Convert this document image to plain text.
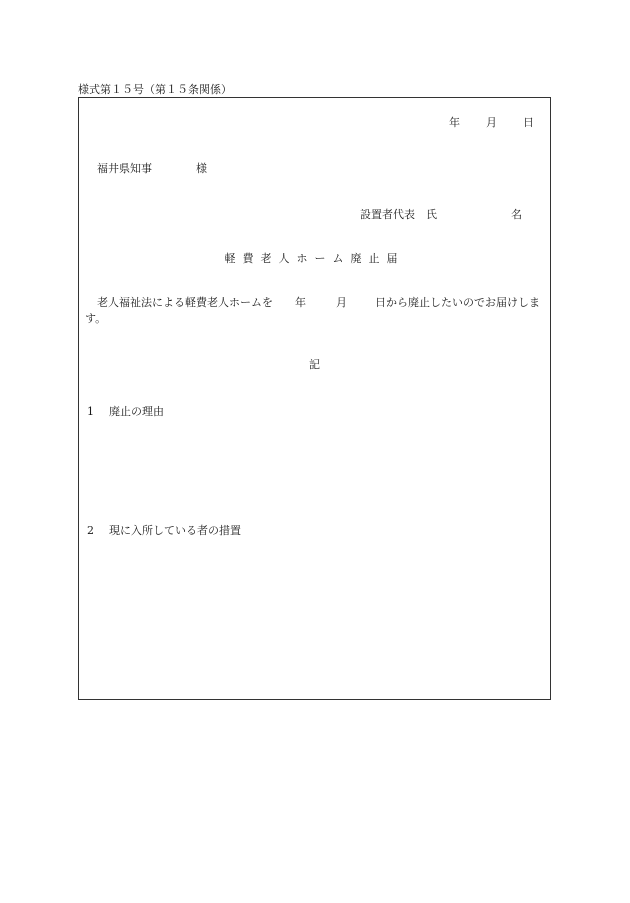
様式第１５号（第１５条関係）
年 月 日
福井県知事	様
設置者代表　氏	名
軽費老人ホーム廃止届
老人福祉法による軽費老人ホームを 年	月	日から廃止したいのでお届けします。
記
1 廃止の理由
2 現に入所している者の措置
